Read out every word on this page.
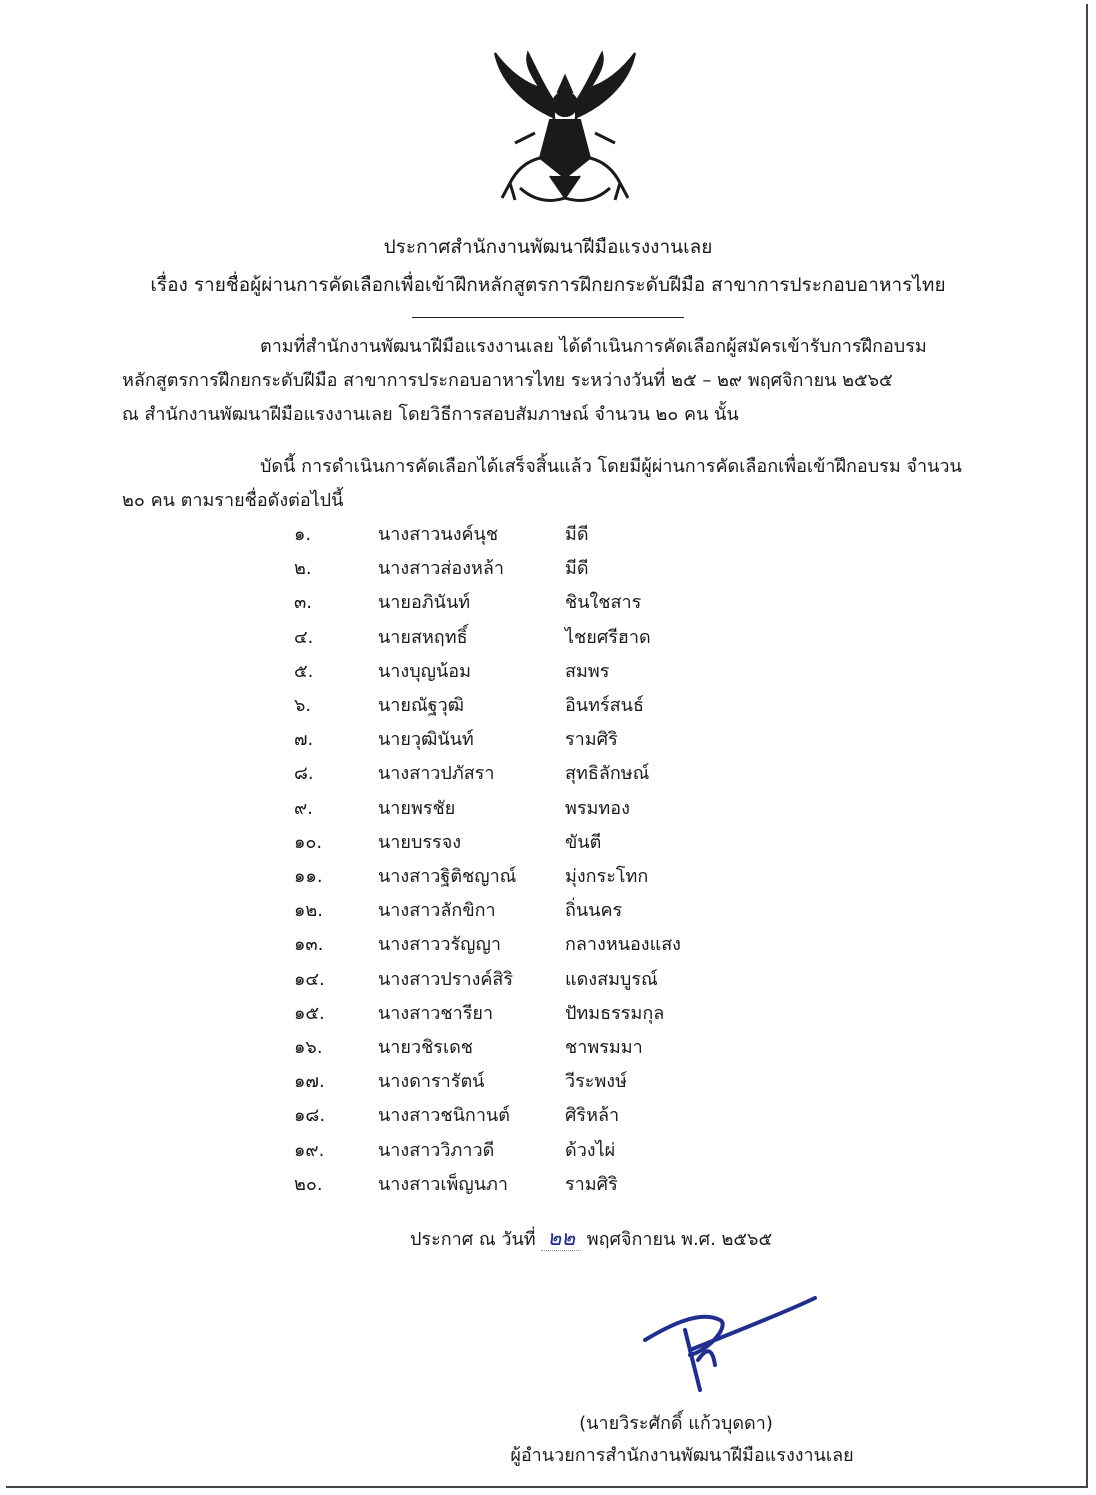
ประกาศสำนักงานพัฒนาฝีมือแรงงานเลย
เรื่อง รายชื่อผู้ผ่านการคัดเลือกเพื่อเข้าฝึกหลักสูตรการฝึกยกระดับฝีมือ สาขาการประกอบอาหารไทย
ตามที่สำนักงานพัฒนาฝีมือแรงงานเลย ได้ดำเนินการคัดเลือกผู้สมัครเข้ารับการฝึกอบรม
หลักสูตรการฝึกยกระดับฝีมือ สาขาการประกอบอาหารไทย ระหว่างวันที่ ๒๕ – ๒๙ พฤศจิกายน ๒๕๖๕
ณ สำนักงานพัฒนาฝีมือแรงงานเลย โดยวิธีการสอบสัมภาษณ์ จำนวน ๒๐ คน นั้น
บัดนี้ การดำเนินการคัดเลือกได้เสร็จสิ้นแล้ว โดยมีผู้ผ่านการคัดเลือกเพื่อเข้าฝึกอบรม จำนวน
๒๐ คน ตามรายชื่อดังต่อไปนี้
๑.	นางสาวนงค์นุช	มีดี
๒.	นางสาวส่องหล้า	มีดี
๓.	นายอภินันท์	ชินใชสาร
๔.	นายสหฤทธิ์	ไชยศรีฮาด
๕.	นางบุญน้อม	สมพร
๖.	นายณัฐวุฒิ	อินทร์สนธ์
๗.	นายวุฒินันท์	รามศิริ
๘.	นางสาวปภัสรา	สุทธิลักษณ์
๙.	นายพรชัย	พรมทอง
๑๐.	นายบรรจง	ขันตี
๑๑.	นางสาวฐิติชญาณ์	มุ่งกระโทก
๑๒.	นางสาวลักขิกา	ถิ่นนคร
๑๓.	นางสาววรัญญา	กลางหนองแสง
๑๔.	นางสาวปรางค์สิริ	แดงสมบูรณ์
๑๕.	นางสาวชารียา	ปัทมธรรมกุล
๑๖.	นายวชิรเดช	ชาพรมมา
๑๗.	นางดารารัตน์	วีระพงษ์
๑๘.	นางสาวชนิกานต์	ศิริหล้า
๑๙.	นางสาววิภาวดี	ด้วงไผ่
๒๐.	นางสาวเพ็ญนภา	รามศิริ
ประกาศ ณ วันที่ ๒๒ พฤศจิกายน พ.ศ. ๒๕๖๕
(นายวิระศักดิ์ แก้วบุดดา)
ผู้อำนวยการสำนักงานพัฒนาฝีมือแรงงานเลย
